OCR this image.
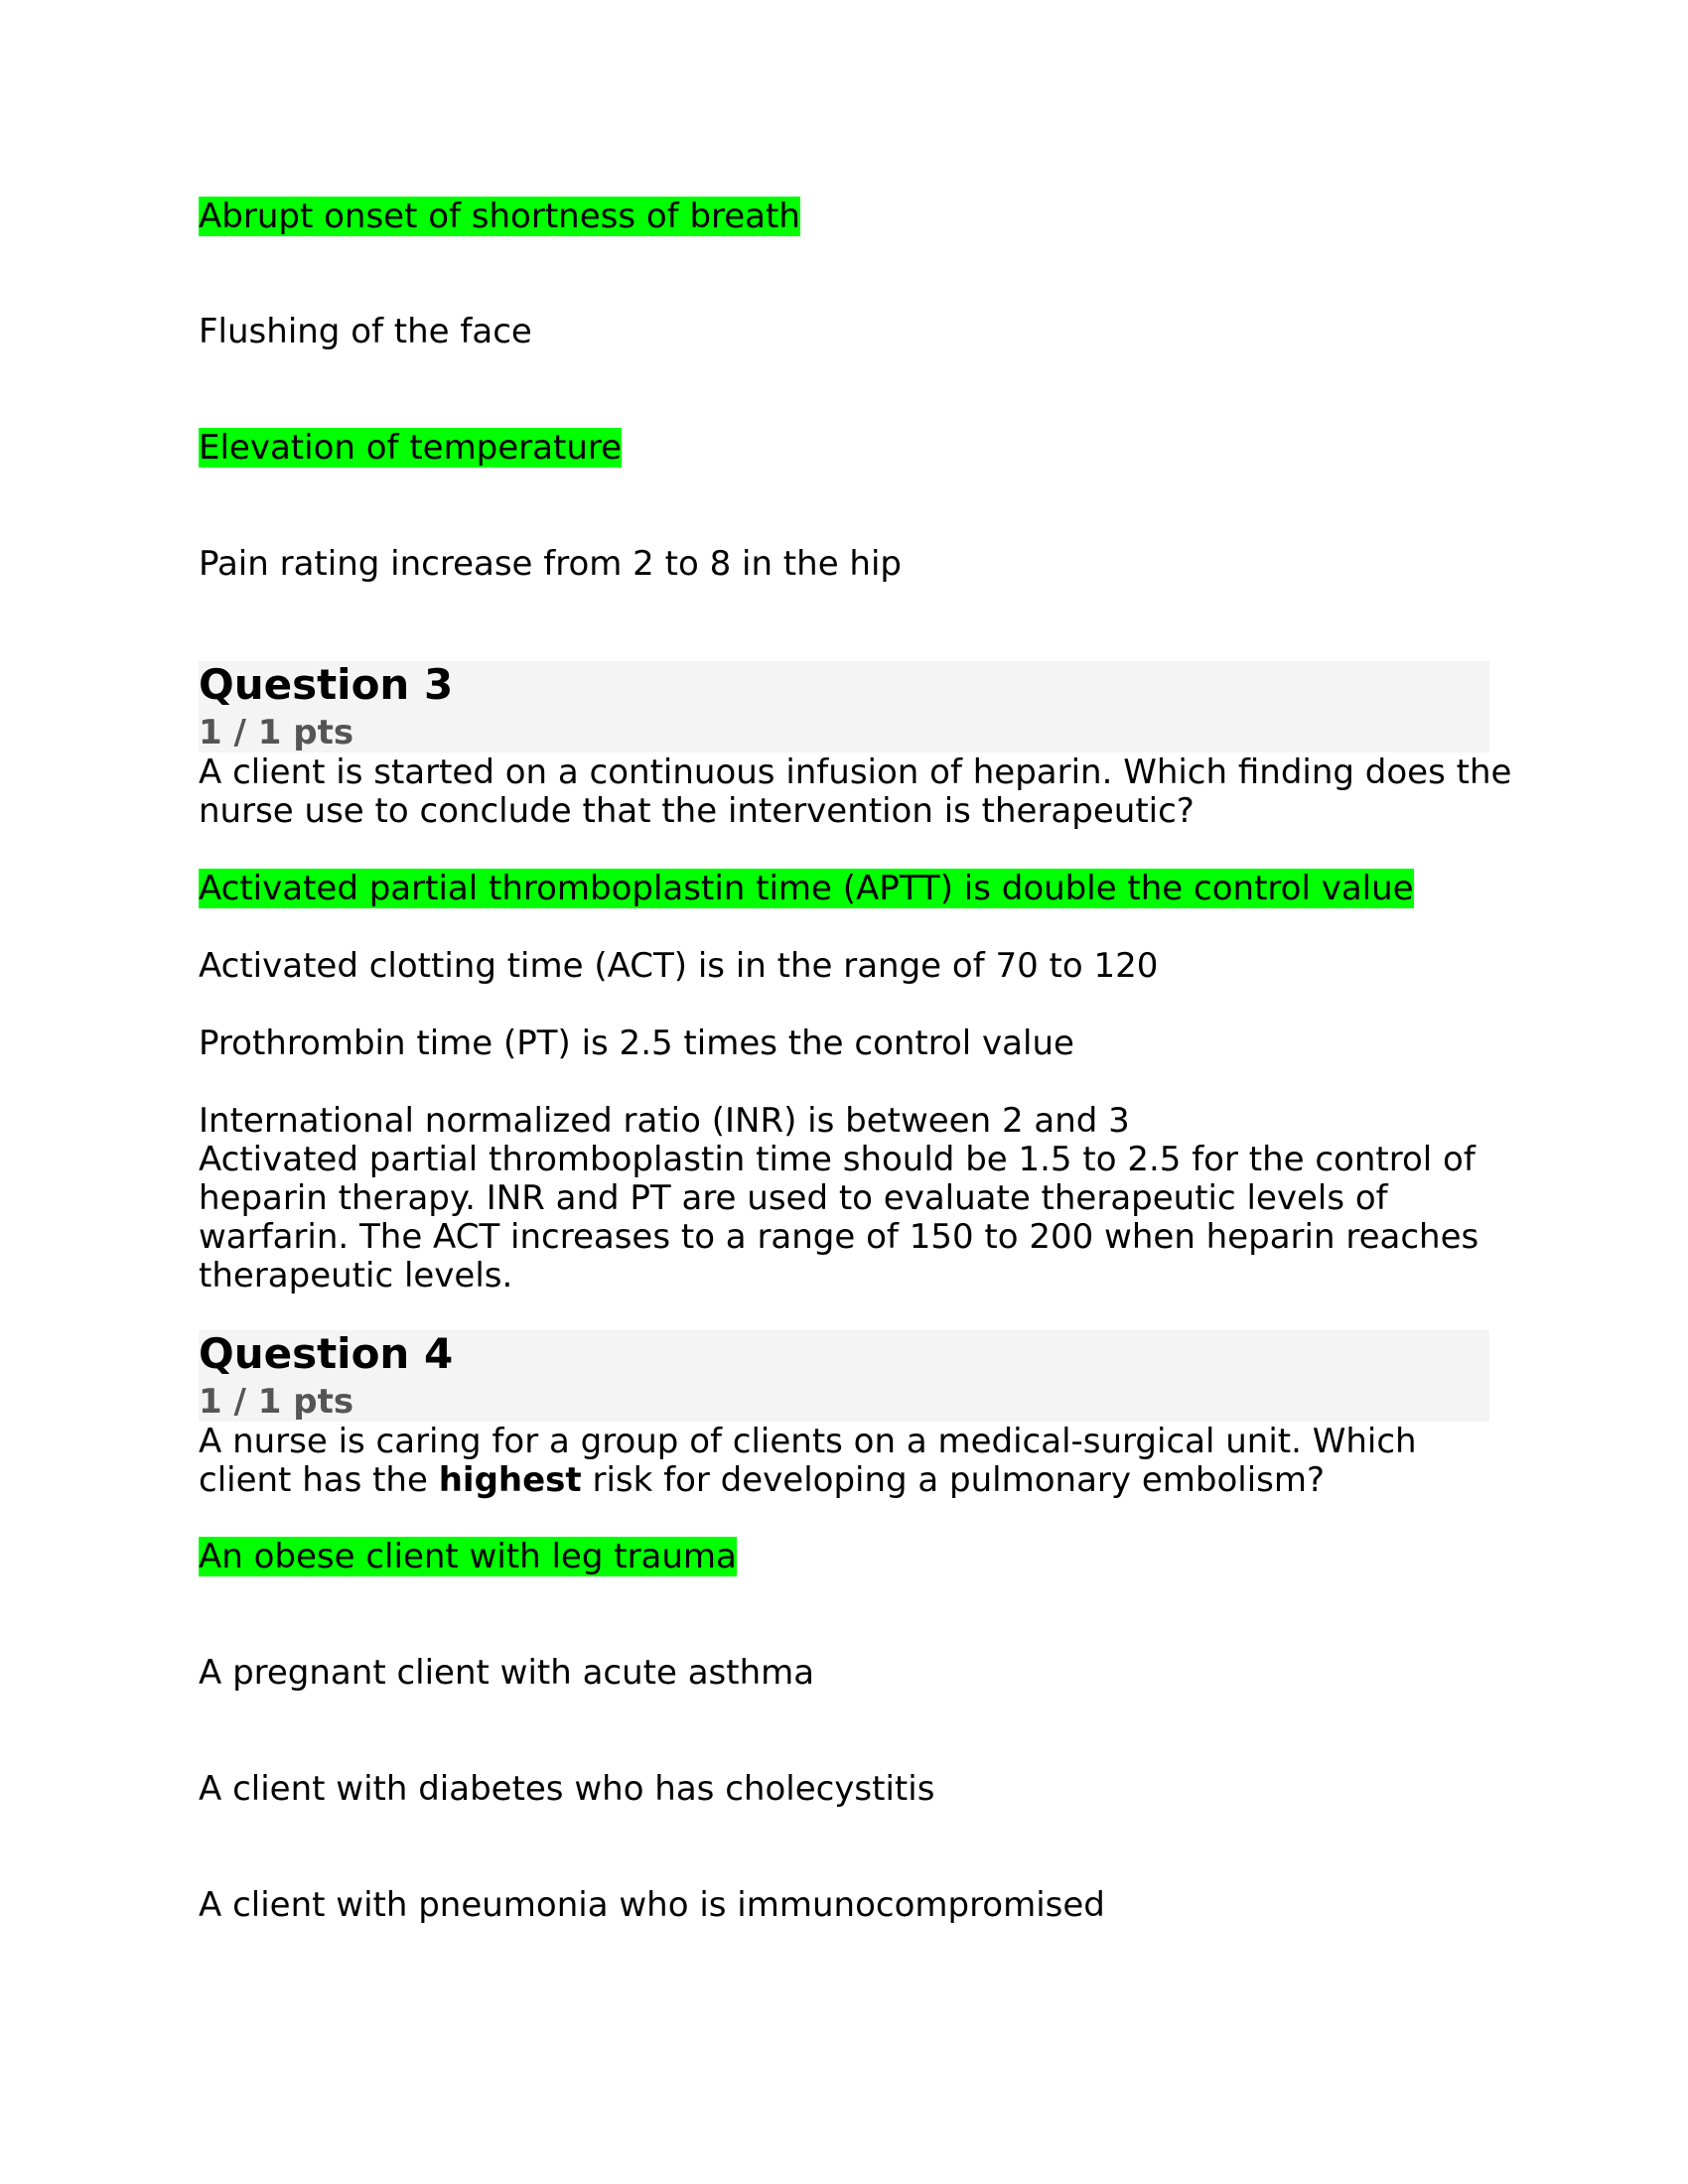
Abrupt onset of shortness of breath

Flushing of the face

Elevation of temperature

Pain rating increase from 2 to 8 in the hip

Question 3

1 / 1 pts

A client is started on a continuous infusion of heparin. Which finding does the

nurse use to conclude that the intervention is therapeutic?

Activated partial thromboplastin time (APTT) is double the control value

Activated clotting time (ACT) is in the range of 70 to 120

Prothrombin time (PT) is 2.5 times the control value

International normalized ratio (INR) is between 2 and 3

Activated partial thromboplastin time should be 1.5 to 2.5 for the control of

heparin therapy. INR and PT are used to evaluate therapeutic levels of

warfarin. The ACT increases to a range of 150 to 200 when heparin reaches

therapeutic levels.

Question 4

1 / 1 pts

A nurse is caring for a group of clients on a medical-surgical unit. Which

client has the highest risk for developing a pulmonary embolism?

An obese client with leg trauma

A pregnant client with acute asthma

A client with diabetes who has cholecystitis

A client with pneumonia who is immunocompromised
